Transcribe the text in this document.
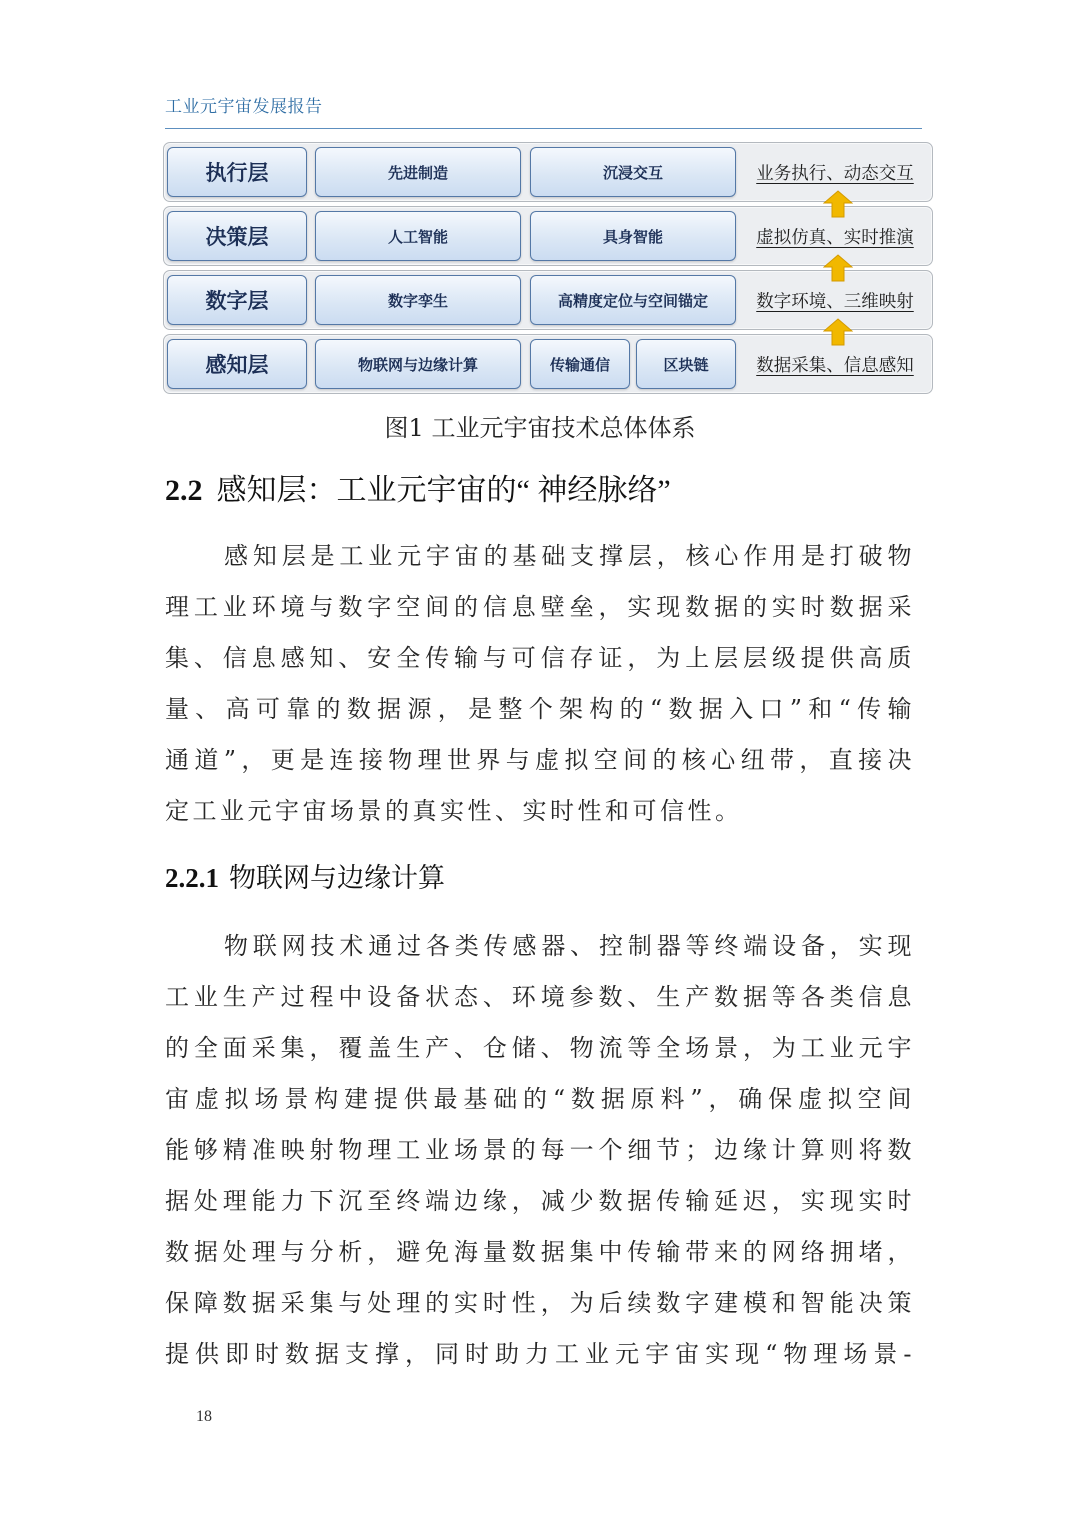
工业元宇宙发展报告
执行层	先进制造	沉浸交互	业务执行、动态交互
决策层	人工智能	具身智能	虚拟仿真、实时推演
数字层	数字孪生	高精度定位与空间锚定	数字环境、三维映射
感知层	物联网与边缘计算	传输通信	区块链	数据采集、信息感知
图1 工业元宇宙技术总体体系
2.2 感知层：工业元宇宙的“ 神经脉络”
感知层是工业元宇宙的基础支撑层，核心作用是打破物
理工业环境与数字空间的信息壁垒，实现数据的实时数据采
集、信息感知、安全传输与可信存证，为上层层级提供高质
量、高可靠的数据源，是整个架构的“数据入口”和“传输
通道”，更是连接物理世界与虚拟空间的核心纽带，直接决
定工业元宇宙场景的真实性、实时性和可信性。
2.2.1 物联网与边缘计算
物联网技术通过各类传感器、控制器等终端设备，实现
工业生产过程中设备状态、环境参数、生产数据等各类信息
的全面采集，覆盖生产、仓储、物流等全场景，为工业元宇
宙虚拟场景构建提供最基础的“数据原料”，确保虚拟空间
能够精准映射物理工业场景的每一个细节；边缘计算则将数
据处理能力下沉至终端边缘，减少数据传输延迟，实现实时
数据处理与分析，避免海量数据集中传输带来的网络拥堵，
保障数据采集与处理的实时性，为后续数字建模和智能决策
提供即时数据支撑，同时助力工业元宇宙实现“物理场景-
18
